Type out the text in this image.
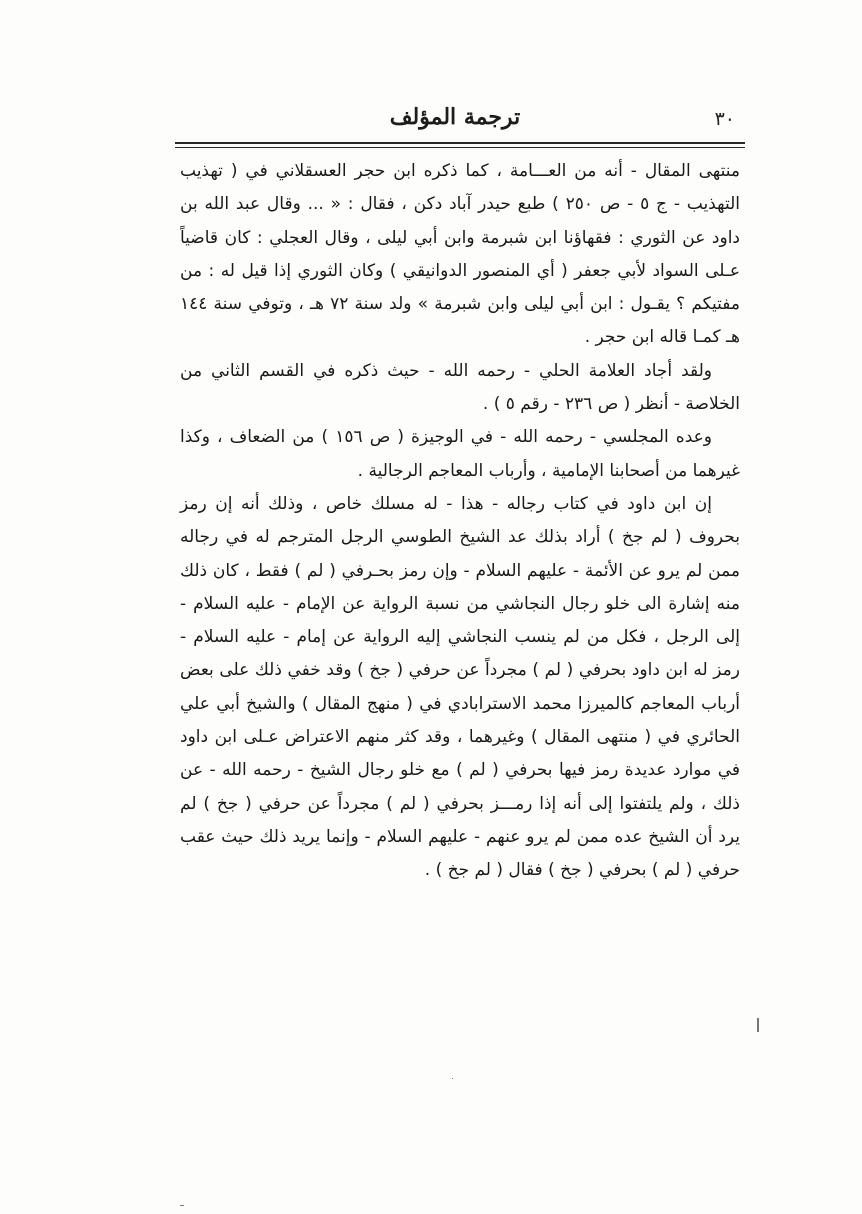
٣٠
ترجمة المؤلف

منتهى المقال - أنه من العـــامة ، كما ذكره ابن حجر العسقلاني في ( تهذيب التهذيب - ج ٥ - ص ٢٥٠ ) طبع حيدر آباد دكن ، فقال : « ... وقال عبد الله بن داود عن الثوري : فقهاؤنا ابن شبرمة وابن أبي ليلى ، وقال العجلي : كان قاضياً عـلى السواد لأبي جعفر ( أي المنصور الدوانيقي ) وكان الثوري إذا قيل له : من مفتيكم ؟ يقـول : ابن أبي ليلى وابن شبرمة » ولد سنة ٧٢ هـ ، وتوفي سنة ١٤٤ هـ كمـا قاله ابن حجر .

ولقد أجاد العلامة الحلي - رحمه الله - حيث ذكره في القسم الثاني من الخلاصة - أنظر ( ص ٢٣٦ - رقم ٥ ) .

وعده المجلسي - رحمه الله - في الوجيزة ( ص ١٥٦ ) من الضعاف ، وكذا غيرهما من أصحابنا الإمامية ، وأرباب المعاجم الرجالية .

إن ابن داود في كتاب رجاله - هذا - له مسلك خاص ، وذلك أنه إن رمز بحروف ( لم جخ ) أراد بذلك عد الشيخ الطوسي الرجل المترجم له في رجاله ممن لم يرو عن الأئمة - عليهم السلام - وإن رمز بحـرفي ( لم ) فقط ، كان ذلك منه إشارة الى خلو رجال النجاشي من نسبة الرواية عن الإمام - عليه السلام - إلى الرجل ، فكل من لم ينسب النجاشي إليه الرواية عن إمام - عليه السلام - رمز له ابن داود بحرفي ( لم ) مجرداً عن حرفي ( جخ ) وقد خفي ذلك على بعض أرباب المعاجم كالميرزا محمد الاسترابادي في ( منهج المقال ) والشيخ أبي علي الحائري في ( منتهى المقال ) وغيرهما ، وقد كثر منهم الاعتراض عـلى ابن داود في موارد عديدة رمز فيها بحرفي ( لم ) مع خلو رجال الشيخ - رحمه الله - عن ذلك ، ولم يلتفتوا إلى أنه إذا رمـــز بحرفي ( لم ) مجرداً عن حرفي ( جخ ) لم يرد أن الشيخ عده ممن لم يرو عنهم - عليهم السلام - وإنما يريد ذلك حيث عقب حرفي ( لم ) بحرفي ( جخ ) فقال ( لم جخ ) .
